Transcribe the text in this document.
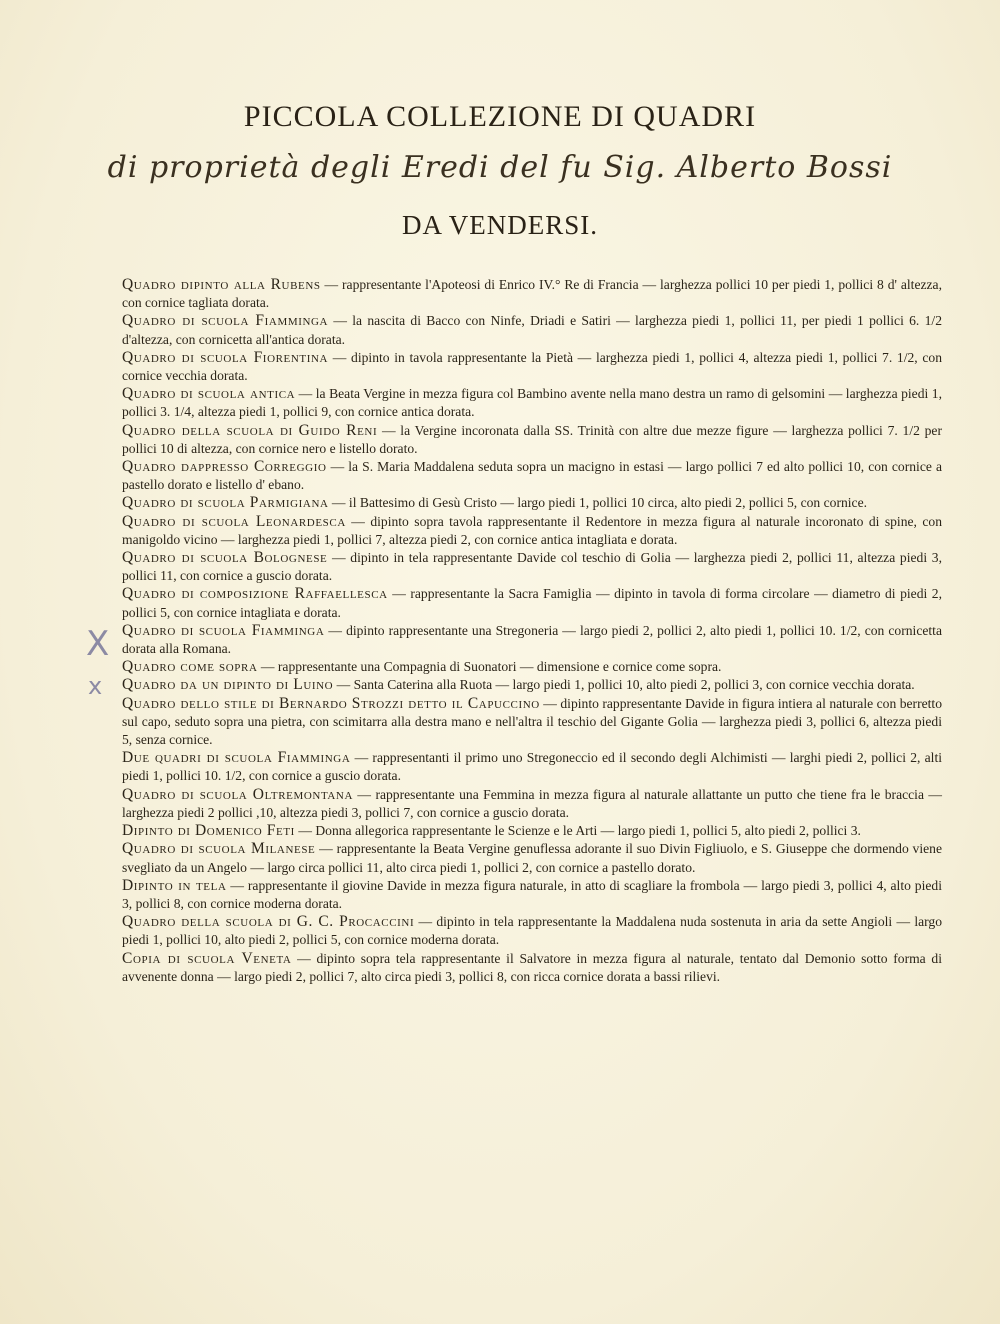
PICCOLA COLLEZIONE DI QUADRI
di proprietà degli Eredi del fu Sig. Alberto Bossi
DA VENDERSI.
X
x

Quadro dipinto alla Rubens — rappresentante l'Apoteosi di Enrico IV.° Re di Francia — larghezza pollici 10 per piedi 1, pollici 8 d' altezza, con cornice tagliata dorata.

Quadro di scuola Fiamminga — la nascita di Bacco con Ninfe, Driadi e Satiri — larghezza piedi 1, pollici 11, per piedi 1 pollici 6. 1/2 d'altezza, con cornicetta all'antica dorata.

Quadro di scuola Fiorentina — dipinto in tavola rappresentante la Pietà — larghezza piedi 1, pollici 4, altezza piedi 1, pollici 7. 1/2, con cornice vecchia dorata.

Quadro di scuola antica — la Beata Vergine in mezza figura col Bambino avente nella mano destra un ramo di gelsomini — larghezza piedi 1, pollici 3. 1/4, altezza piedi 1, pollici 9, con cornice antica dorata.

Quadro della scuola di Guido Reni — la Vergine incoronata dalla SS. Trinità con altre due mezze figure — larghezza pollici 7. 1/2 per pollici 10 di altezza, con cornice nero e listello dorato.

Quadro dappresso Correggio — la S. Maria Maddalena seduta sopra un macigno in estasi — largo pollici 7 ed alto pollici 10, con cornice a pastello dorato e listello d' ebano.

Quadro di scuola Parmigiana — il Battesimo di Gesù Cristo — largo piedi 1, pollici 10 circa, alto piedi 2, pollici 5, con cornice.

Quadro di scuola Leonardesca — dipinto sopra tavola rappresentante il Redentore in mezza figura al naturale incoronato di spine, con manigoldo vicino — larghezza piedi 1, pollici 7, altezza piedi 2, con cornice antica intagliata e dorata.

Quadro di scuola Bolognese — dipinto in tela rappresentante Davide col teschio di Golia — larghezza piedi 2, pollici 11, altezza piedi 3, pollici 11, con cornice a guscio dorata.

Quadro di composizione Raffaellesca — rappresentante la Sacra Famiglia — dipinto in tavola di forma circolare — diametro di piedi 2, pollici 5, con cornice intagliata e dorata.

Quadro di scuola Fiamminga — dipinto rappresentante una Stregoneria — largo piedi 2, pollici 2, alto piedi 1, pollici 10. 1/2, con cornicetta dorata alla Romana.

Quadro come sopra — rappresentante una Compagnia di Suonatori — dimensione e cornice come sopra.

Quadro da un dipinto di Luino — Santa Caterina alla Ruota — largo piedi 1, pollici 10, alto piedi 2, pollici 3, con cornice vecchia dorata.

Quadro dello stile di Bernardo Strozzi detto il Capuccino — dipinto rappresentante Davide in figura intiera al naturale con berretto sul capo, seduto sopra una pietra, con scimitarra alla destra mano e nell'altra il teschio del Gigante Golia — larghezza piedi 3, pollici 6, altezza piedi 5, senza cornice.

Due quadri di scuola Fiamminga — rappresentanti il primo uno Stregoneccio ed il secondo degli Alchimisti — larghi piedi 2, pollici 2, alti piedi 1, pollici 10. 1/2, con cornice a guscio dorata.

Quadro di scuola Oltremontana — rappresentante una Femmina in mezza figura al naturale allattante un putto che tiene fra le braccia — larghezza piedi 2 pollici ,10, altezza piedi 3, pollici 7, con cornice a guscio dorata.

Dipinto di Domenico Feti — Donna allegorica rappresentante le Scienze e le Arti — largo piedi 1, pollici 5, alto piedi 2, pollici 3.

Quadro di scuola Milanese — rappresentante la Beata Vergine genuflessa adorante il suo Divin Figliuolo, e S. Giuseppe che dormendo viene svegliato da un Angelo — largo circa pollici 11, alto circa piedi 1, pollici 2, con cornice a pastello dorato.

Dipinto in tela — rappresentante il giovine Davide in mezza figura naturale, in atto di scagliare la frombola — largo piedi 3, pollici 4, alto piedi 3, pollici 8, con cornice moderna dorata.

Quadro della scuola di G. C. Procaccini — dipinto in tela rappresentante la Maddalena nuda sostenuta in aria da sette Angioli — largo piedi 1, pollici 10, alto piedi 2, pollici 5, con cornice moderna dorata.

Copia di scuola Veneta — dipinto sopra tela rappresentante il Salvatore in mezza figura al naturale, tentato dal Demonio sotto forma di avvenente donna — largo piedi 2, pollici 7, alto circa piedi 3, pollici 8, con ricca cornice dorata a bassi rilievi.
